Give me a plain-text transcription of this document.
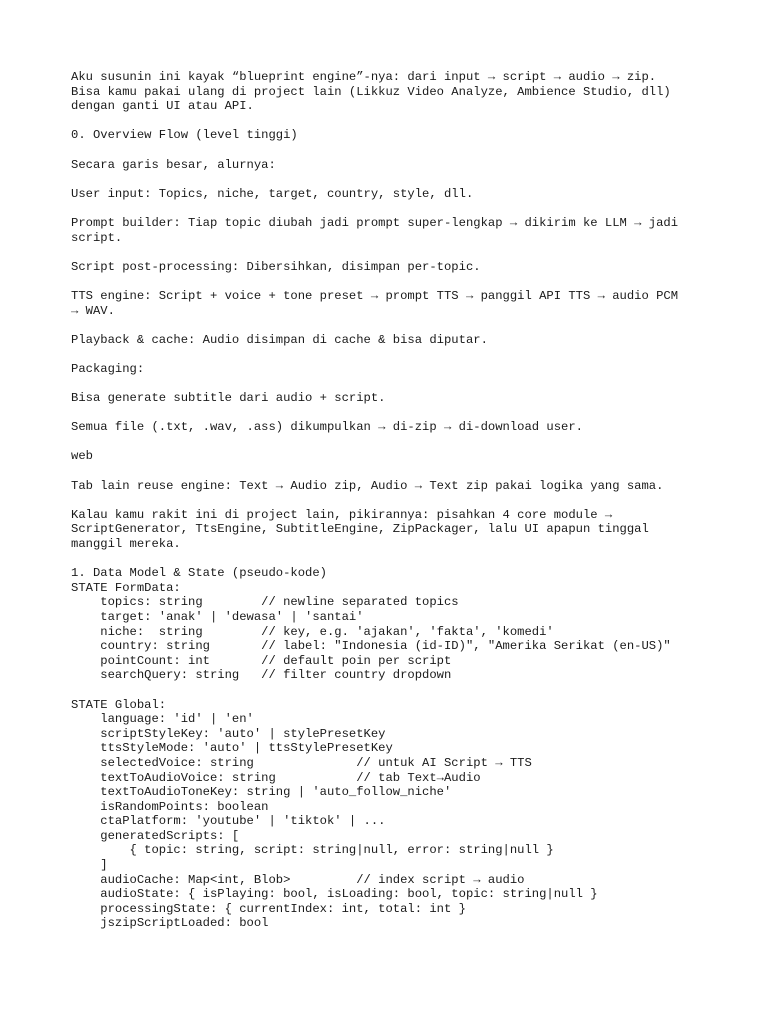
Aku susunin ini kayak “blueprint engine”-nya: dari input → script → audio → zip.
Bisa kamu pakai ulang di project lain (Likkuz Video Analyze, Ambience Studio, dll)
dengan ganti UI atau API.

0. Overview Flow (level tinggi)

Secara garis besar, alurnya:

User input: Topics, niche, target, country, style, dll.

Prompt builder: Tiap topic diubah jadi prompt super-lengkap → dikirim ke LLM → jadi
script.

Script post-processing: Dibersihkan, disimpan per-topic.

TTS engine: Script + voice + tone preset → prompt TTS → panggil API TTS → audio PCM
→ WAV.

Playback & cache: Audio disimpan di cache & bisa diputar.

Packaging:

Bisa generate subtitle dari audio + script.

Semua file (.txt, .wav, .ass) dikumpulkan → di-zip → di-download user.

web

Tab lain reuse engine: Text → Audio zip, Audio → Text zip pakai logika yang sama.

Kalau kamu rakit ini di project lain, pikirannya: pisahkan 4 core module →
ScriptGenerator, TtsEngine, SubtitleEngine, ZipPackager, lalu UI apapun tinggal
manggil mereka.

1. Data Model & State (pseudo-kode)
STATE FormData:
topics: string        // newline separated topics
target: 'anak' | 'dewasa' | 'santai'
niche:  string        // key, e.g. 'ajakan', 'fakta', 'komedi'
country: string       // label: "Indonesia (id-ID)", "Amerika Serikat (en-US)"
pointCount: int       // default poin per script
searchQuery: string   // filter country dropdown
STATE Global:
language: 'id' | 'en'
scriptStyleKey: 'auto' | stylePresetKey
ttsStyleMode: 'auto' | ttsStylePresetKey
selectedVoice: string              // untuk AI Script → TTS
textToAudioVoice: string           // tab Text→Audio
textToAudioToneKey: string | 'auto_follow_niche'
isRandomPoints: boolean
ctaPlatform: 'youtube' | 'tiktok' | ...
generatedScripts: [
{ topic: string, script: string|null, error: string|null }
]
audioCache: Map<int, Blob>         // index script → audio
audioState: { isPlaying: bool, isLoading: bool, topic: string|null }
processingState: { currentIndex: int, total: int }
jszipScriptLoaded: bool
